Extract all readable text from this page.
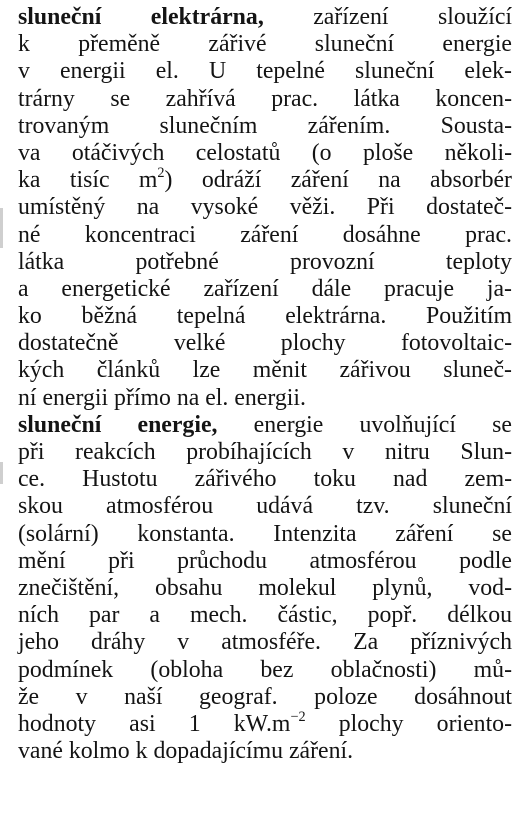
sluneční elektrárna, zařízení sloužící
k přeměně zářivé sluneční energie
v energii el. U tepelné sluneční elek-
trárny se zahřívá prac. látka koncen-
trovaným slunečním zářením. Sousta-
va otáčivých celostatů (o ploše několi-
ka tisíc $m^2$) odráží záření na absorbér
umístěný na vysoké věži. Při dostateč-
né koncentraci záření dosáhne prac.
látka potřebné provozní teploty
a energetické zařízení dále pracuje ja-
ko běžná tepelná elektrárna. Použitím
dostatečně velké plochy fotovoltaic-
kých článků lze měnit zářivou sluneč-
ní energii přímo na el. energii.
sluneční energie, energie uvolňující se
při reakcích probíhajících v nitru Slun-
ce. Hustotu zářivého toku nad zem-
skou atmosférou udává tzv. sluneční
(solární) konstanta. Intenzita záření se
mění při průchodu atmosférou podle
znečištění, obsahu molekul plynů, vod-
ních par a mech. částic, popř. délkou
jeho dráhy v atmosféře. Za příznivých
podmínek (obloha bez oblačnosti) mů-
že v naší geograf. poloze dosáhnout
hodnoty asi 1 $kW.m^{-2}$ plochy orientо-
vané kolmo k dopadajícímu záření.
